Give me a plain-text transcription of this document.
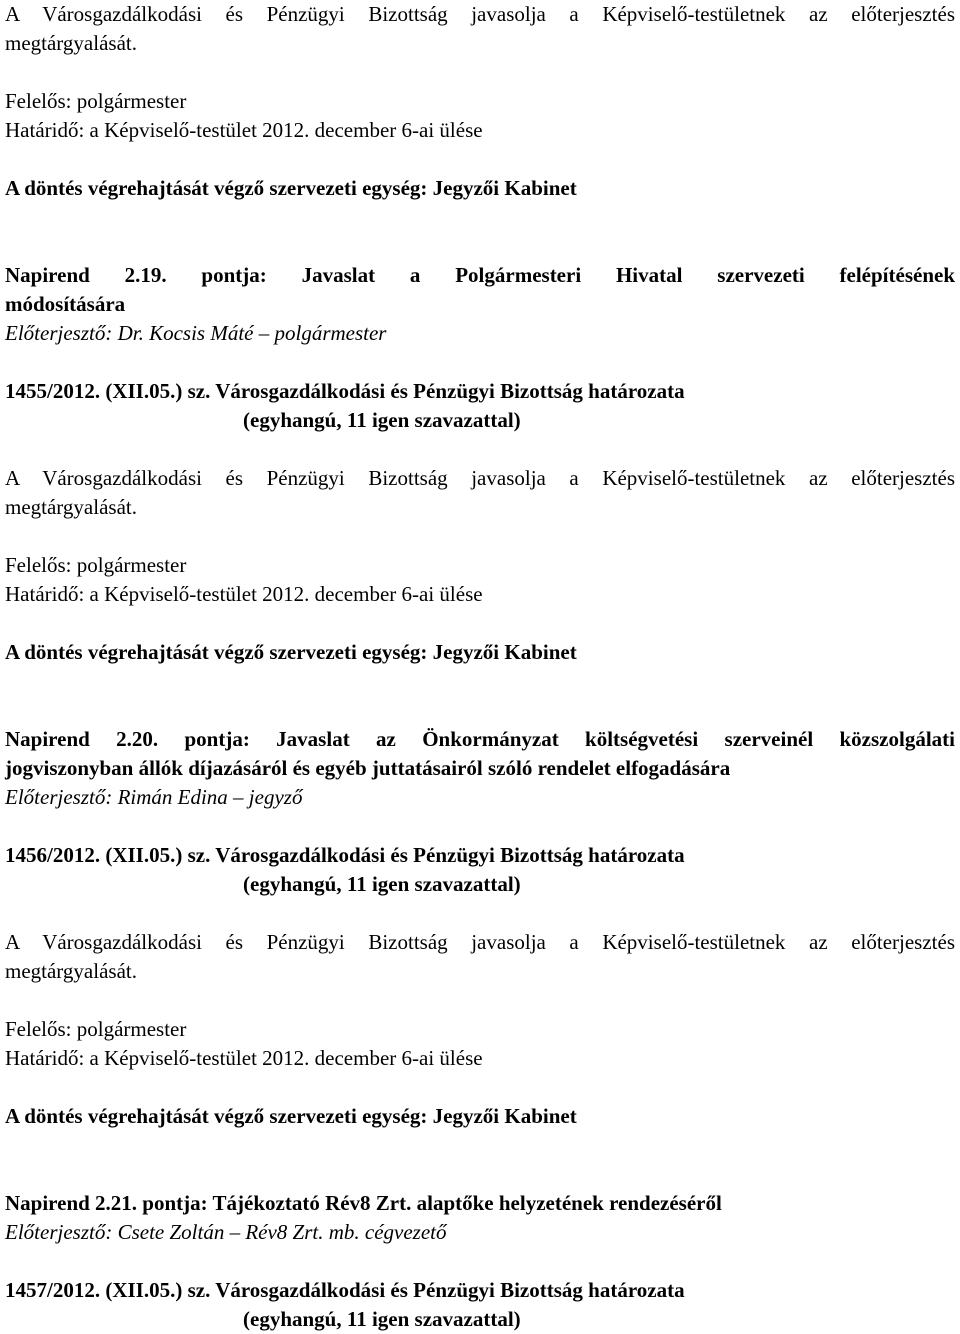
A Városgazdálkodási és Pénzügyi Bizottság javasolja a Képviselő-testületnek az előterjesztés

megtárgyalását.

Felelős: polgármester

Határidő: a Képviselő-testület 2012. december 6-ai ülése

A döntés végrehajtását végző szervezeti egység: Jegyzői Kabinet

Napirend 2.19. pontja: Javaslat a Polgármesteri Hivatal szervezeti felépítésének

módosítására

Előterjesztő: Dr. Kocsis Máté – polgármester

1455/2012. (XII.05.) sz. Városgazdálkodási és Pénzügyi Bizottság határozata

(egyhangú, 11 igen szavazattal)

A Városgazdálkodási és Pénzügyi Bizottság javasolja a Képviselő-testületnek az előterjesztés

megtárgyalását.

Felelős: polgármester

Határidő: a Képviselő-testület 2012. december 6-ai ülése

A döntés végrehajtását végző szervezeti egység: Jegyzői Kabinet

Napirend 2.20. pontja: Javaslat az Önkormányzat költségvetési szerveinél közszolgálati

jogviszonyban állók díjazásáról és egyéb juttatásairól szóló rendelet elfogadására

Előterjesztő: Rimán Edina – jegyző

1456/2012. (XII.05.) sz. Városgazdálkodási és Pénzügyi Bizottság határozata

(egyhangú, 11 igen szavazattal)

A Városgazdálkodási és Pénzügyi Bizottság javasolja a Képviselő-testületnek az előterjesztés

megtárgyalását.

Felelős: polgármester

Határidő: a Képviselő-testület 2012. december 6-ai ülése

A döntés végrehajtását végző szervezeti egység: Jegyzői Kabinet

Napirend 2.21. pontja: Tájékoztató Rév8 Zrt. alaptőke helyzetének rendezéséről

Előterjesztő: Csete Zoltán – Rév8 Zrt. mb. cégvezető

1457/2012. (XII.05.) sz. Városgazdálkodási és Pénzügyi Bizottság határozata

(egyhangú, 11 igen szavazattal)
